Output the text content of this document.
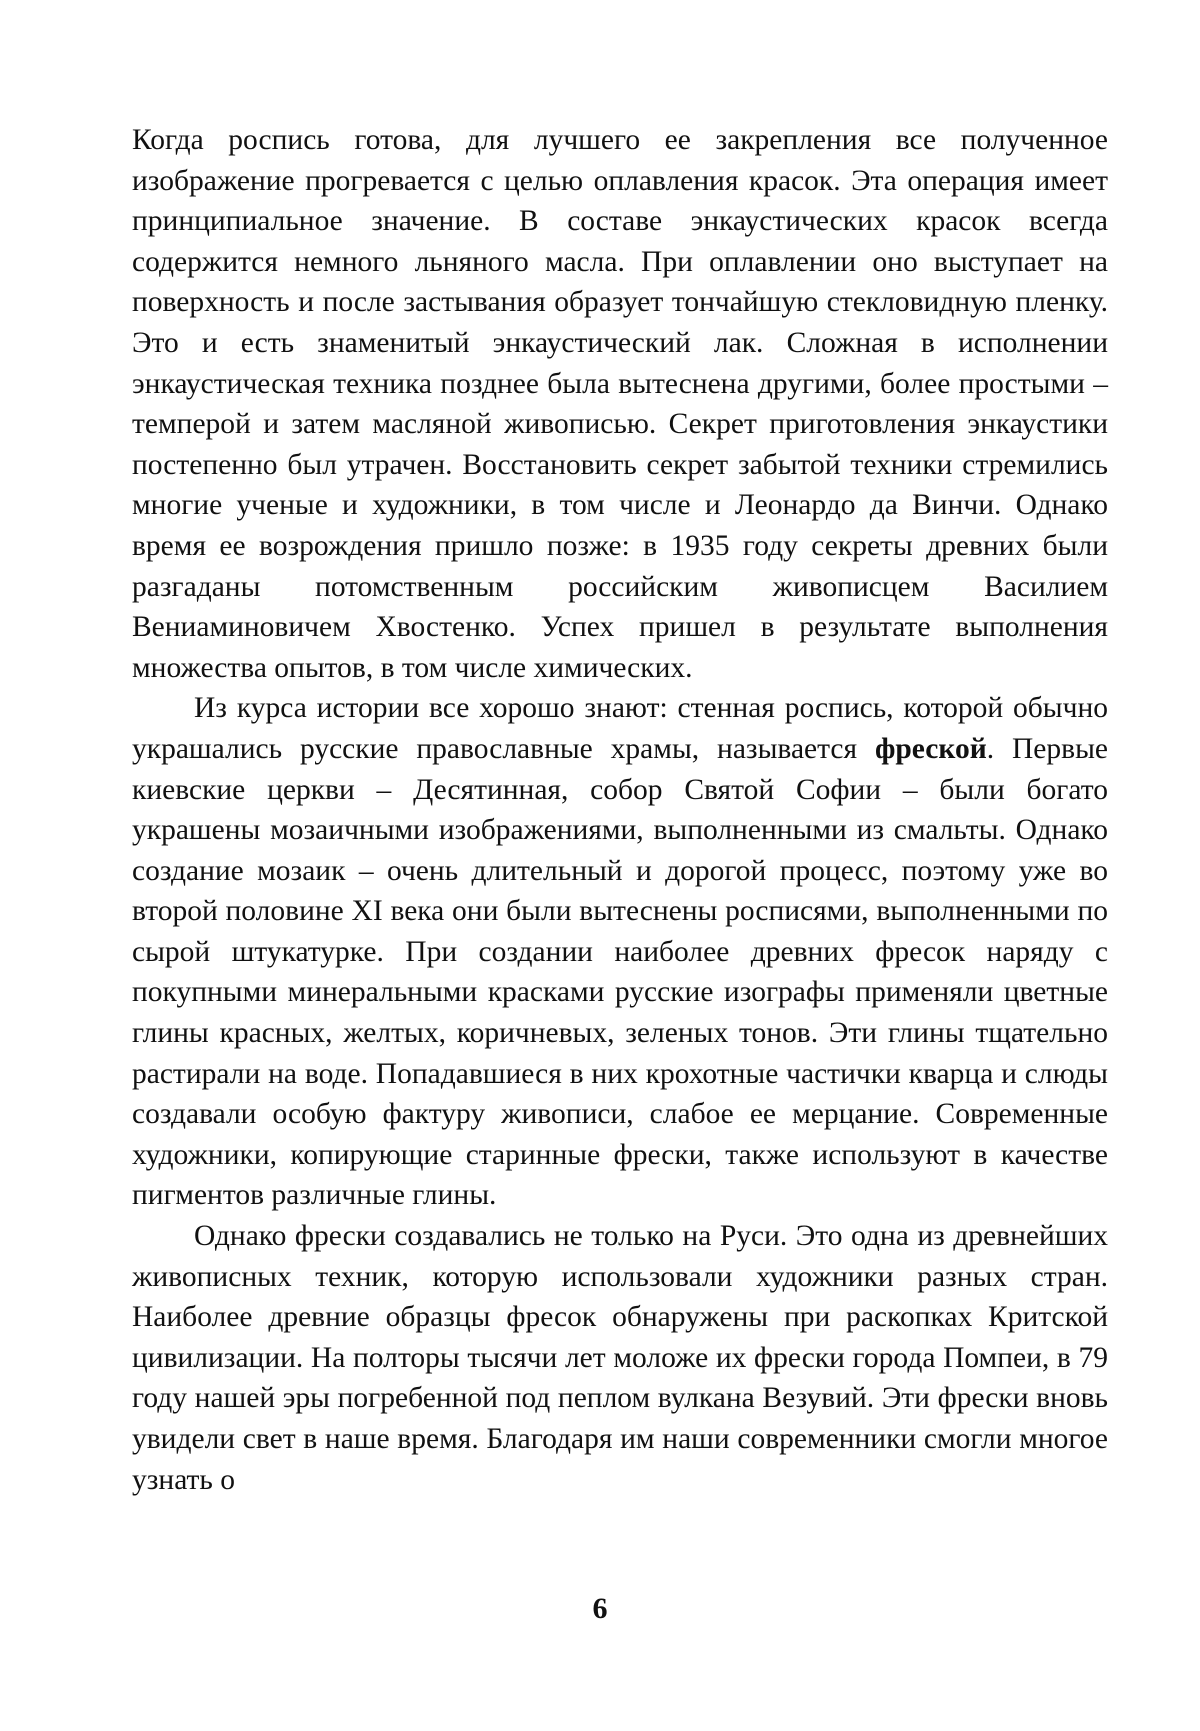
Когда роспись готова, для лучшего ее закрепления все полученное изображение прогревается с целью оплавления красок. Эта операция имеет принципиальное значение. В составе энкаустических красок всегда содержится немного льняного масла. При оплавлении оно выступает на поверхность и после застывания образует тончайшую стекловидную пленку. Это и есть знаменитый энкаустический лак. Сложная в исполнении энкаустическая техника позднее была вытеснена другими, более простыми – темперой и затем масляной живописью. Секрет приготовления энкаустики постепенно был утрачен. Восстановить секрет забытой техники стремились многие ученые и художники, в том числе и Леонардо да Винчи. Однако время ее возрождения пришло позже: в 1935 году секреты древних были разгаданы потомственным российским живописцем Василием Вениаминовичем Хвостенко. Успех пришел в результате выполнения множества опытов, в том числе химических.

Из курса истории все хорошо знают: стенная роспись, которой обычно украшались русские православные храмы, называется фреской. Первые киевские церкви – Десятинная, собор Святой Софии – были богато украшены мозаичными изображениями, выполненными из смальты. Однако создание мозаик – очень длительный и дорогой процесс, поэтому уже во второй половине XI века они были вытеснены росписями, выполненными по сырой штукатурке. При создании наиболее древних фресок наряду с покупными минеральными красками русские изографы применяли цветные глины красных, желтых, коричневых, зеленых тонов. Эти глины тщательно растирали на воде. Попадавшиеся в них крохотные частички кварца и слюды создавали особую фактуру живописи, слабое ее мерцание. Современные художники, копирующие старинные фрески, также используют в качестве пигментов различные глины.

Однако фрески создавались не только на Руси. Это одна из древнейших живописных техник, которую использовали художники разных стран. Наиболее древние образцы фресок обнаружены при раскопках Критской цивилизации. На полторы тысячи лет моложе их фрески города Помпеи, в 79 году нашей эры погребенной под пеплом вулкана Везувий. Эти фрески вновь увидели свет в наше время. Благодаря им наши современники смогли многое узнать о

6
